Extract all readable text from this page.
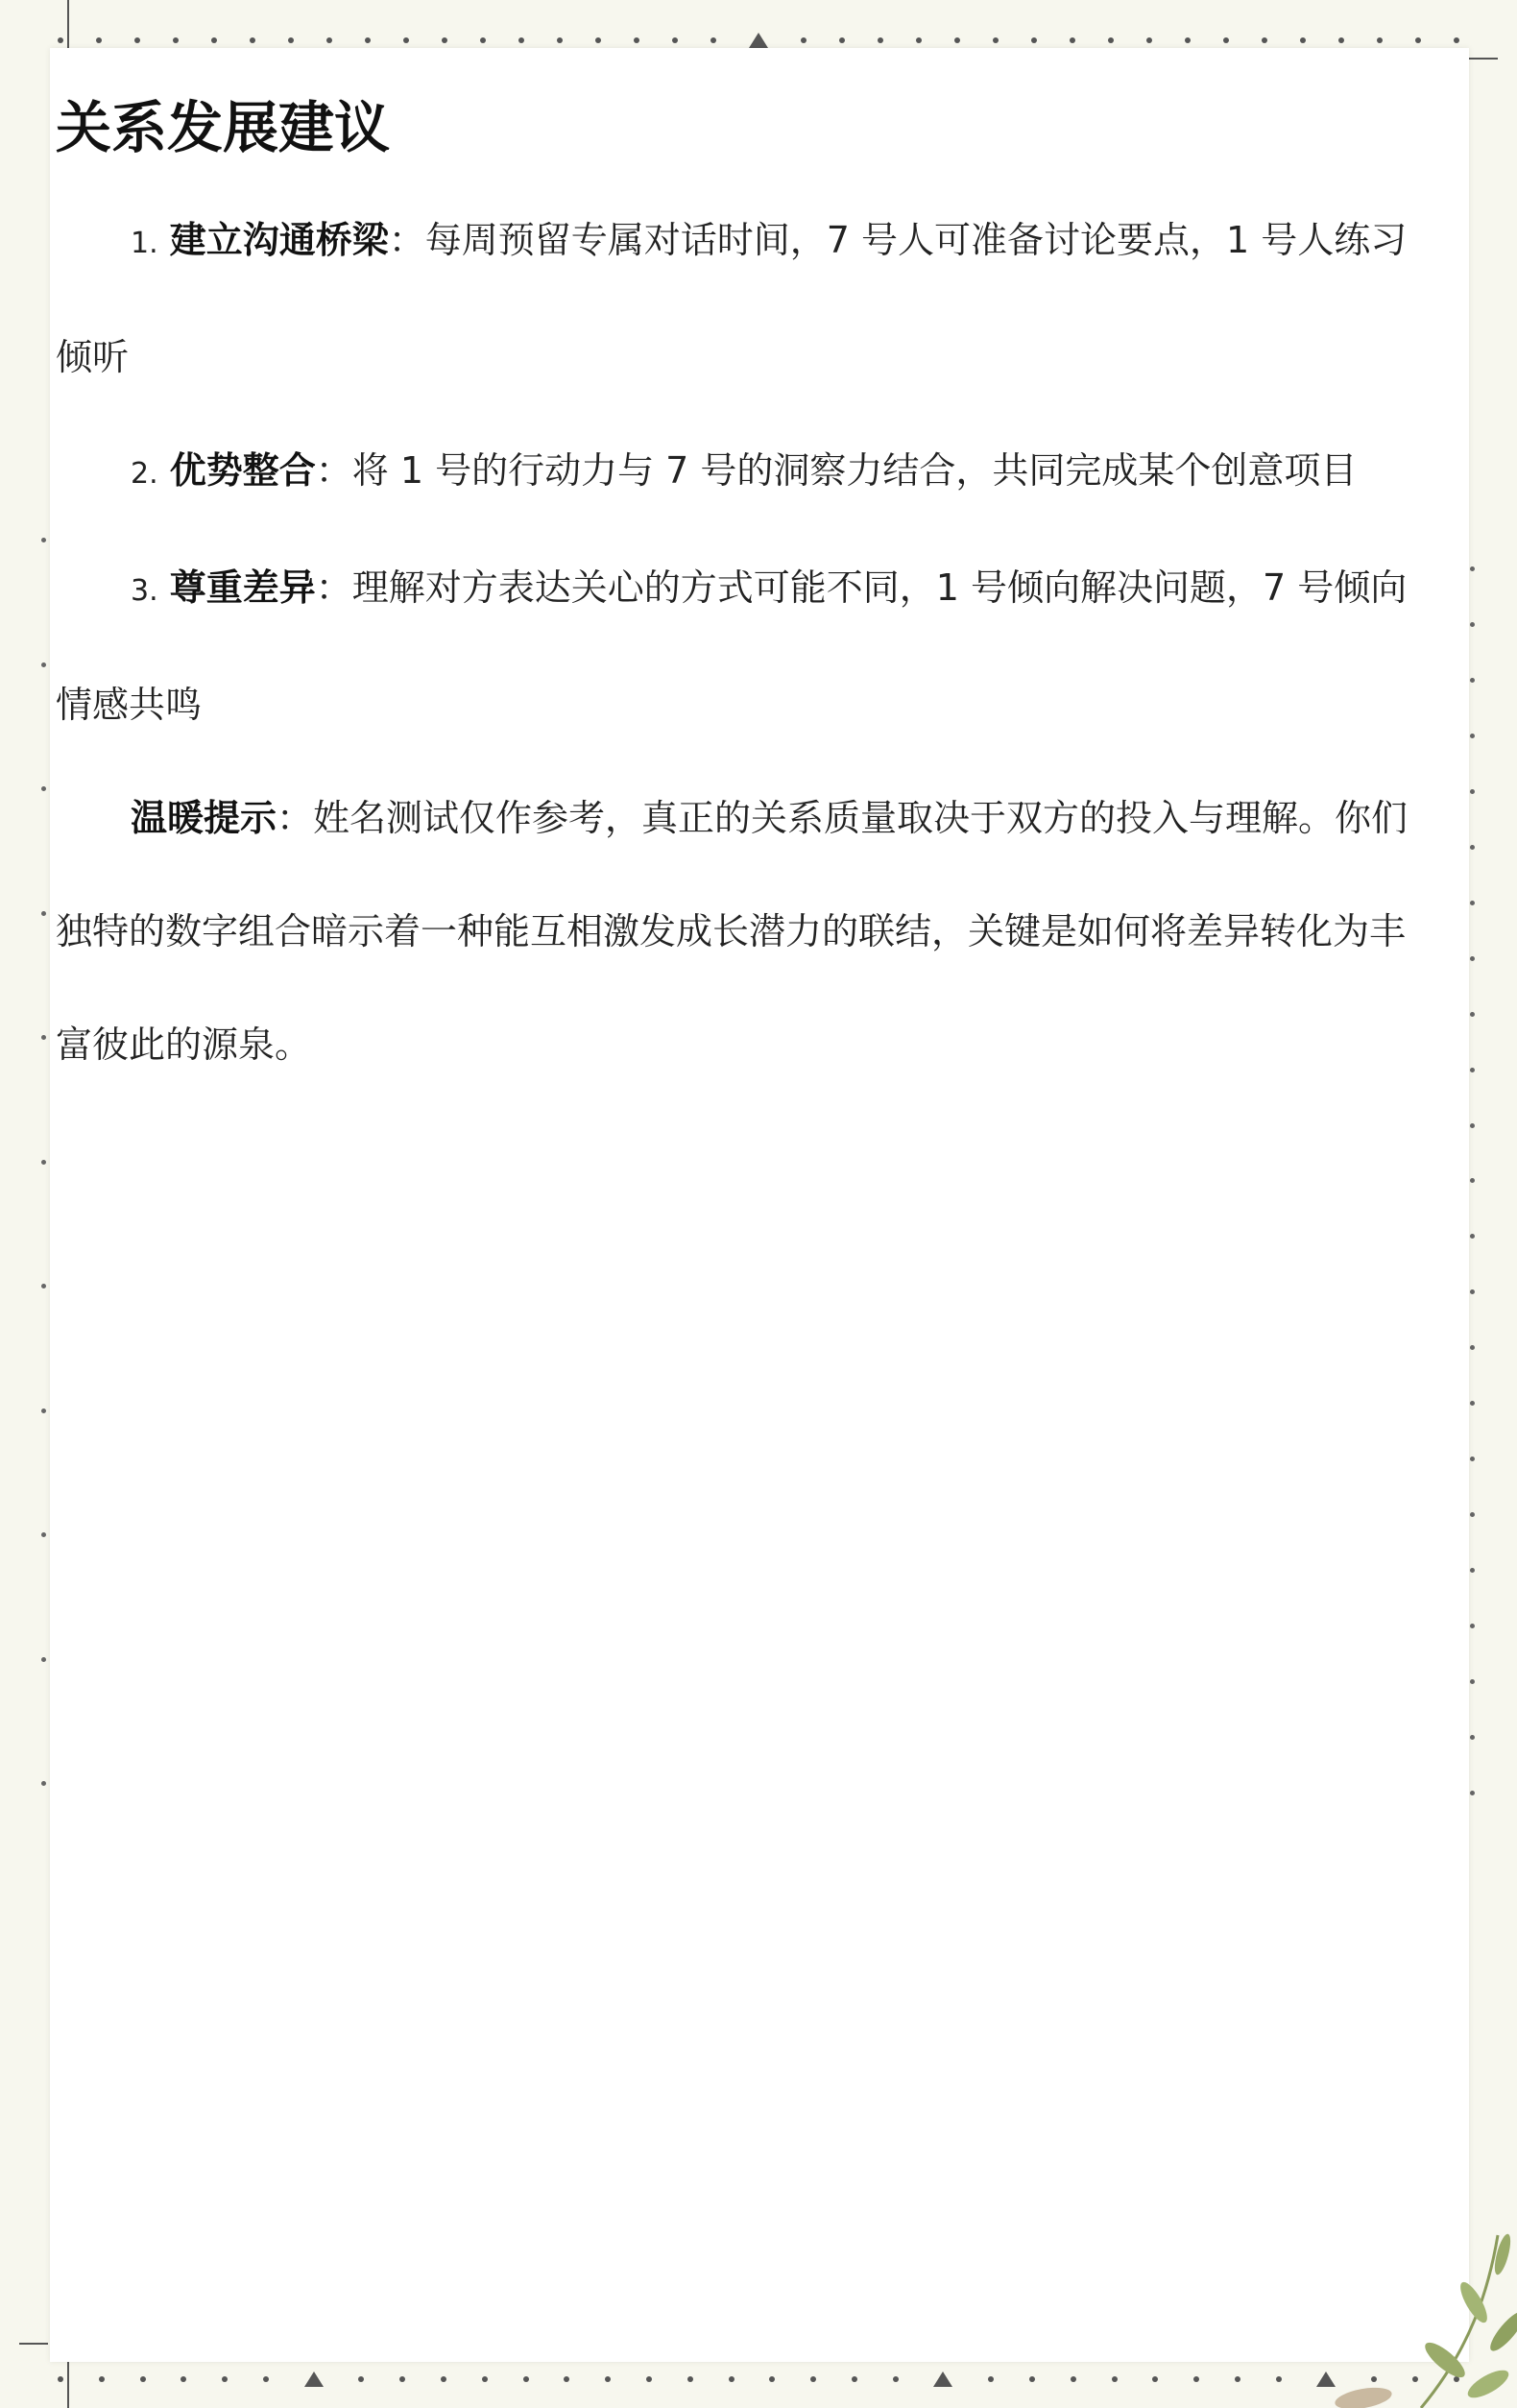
关系发展建议

1. 建立沟通桥梁：每周预留专属对话时间，7 号人可准备讨论要点，1 号人练习倾听

2. 优势整合：将 1 号的行动力与 7 号的洞察力结合，共同完成某个创意项目

3. 尊重差异：理解对方表达关心的方式可能不同，1 号倾向解决问题，7 号倾向情感共鸣

温暖提示：姓名测试仅作参考，真正的关系质量取决于双方的投入与理解。你们独特的数字组合暗示着一种能互相激发成长潜力的联结，关键是如何将差异转化为丰富彼此的源泉。
